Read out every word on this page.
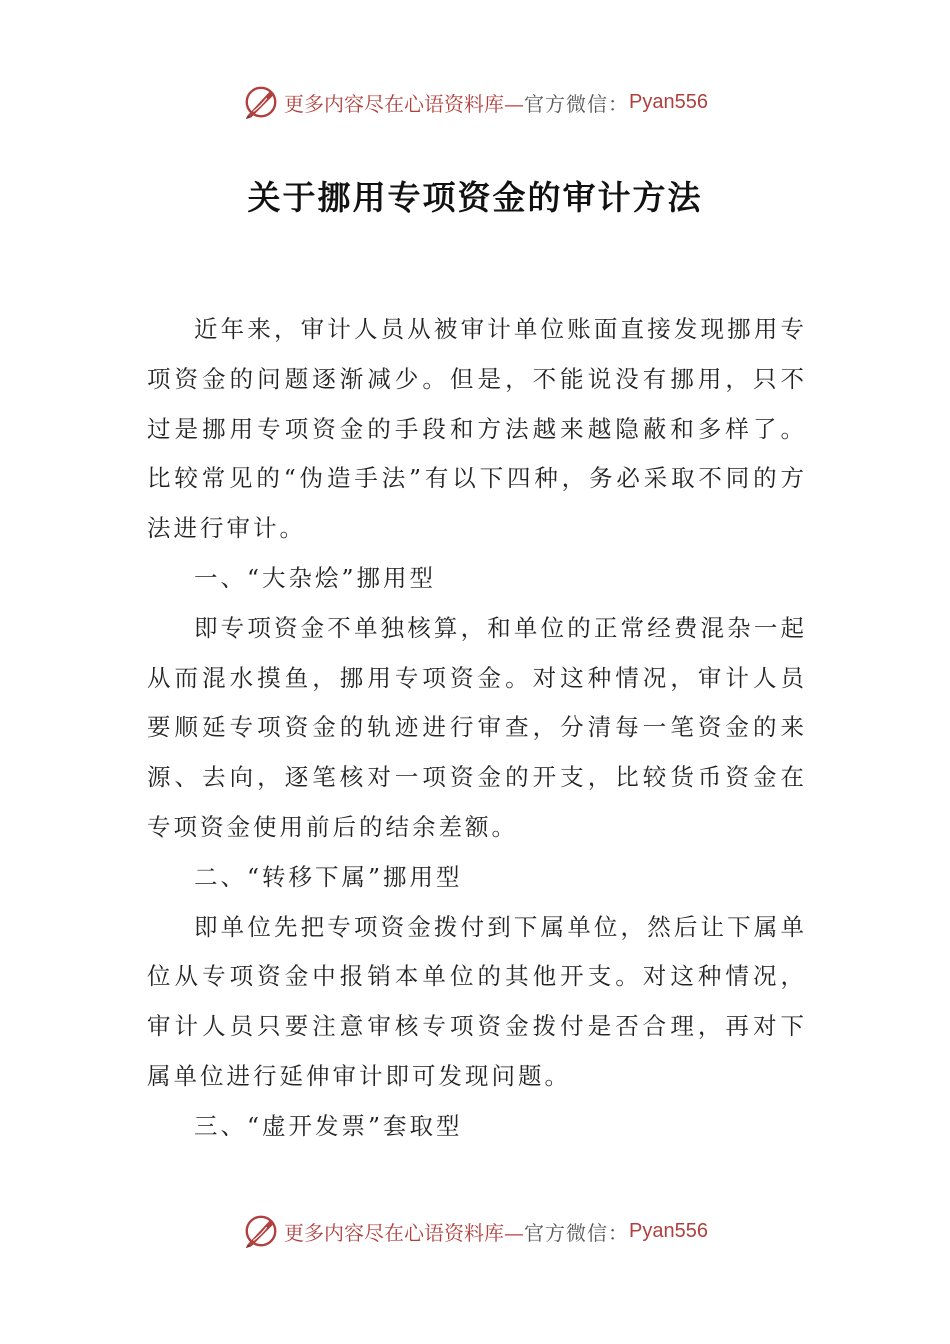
更多内容尽在心语资料库— 官方微信： Pyan556
关于挪用专项资金的审计方法

近年来，审计人员从被审计单位账面直接发现挪用专项资金的问题逐渐减少。但是，不能说没有挪用，只不过是挪用专项资金的手段和方法越来越隐蔽和多样了。比较常见的“伪造手法”有以下四种，务必采取不同的方法进行审计。

一、“大杂烩”挪用型

即专项资金不单独核算，和单位的正常经费混杂一起从而混水摸鱼，挪用专项资金。对这种情况，审计人员要顺延专项资金的轨迹进行审查，分清每一笔资金的来源、去向，逐笔核对一项资金的开支，比较货币资金在专项资金使用前后的结余差额。

二、“转移下属”挪用型

即单位先把专项资金拨付到下属单位，然后让下属单位从专项资金中报销本单位的其他开支。对这种情况，审计人员只要注意审核专项资金拨付是否合理，再对下属单位进行延伸审计即可发现问题。

三、“虚开发票”套取型

更多内容尽在心语资料库— 官方微信： Pyan556
